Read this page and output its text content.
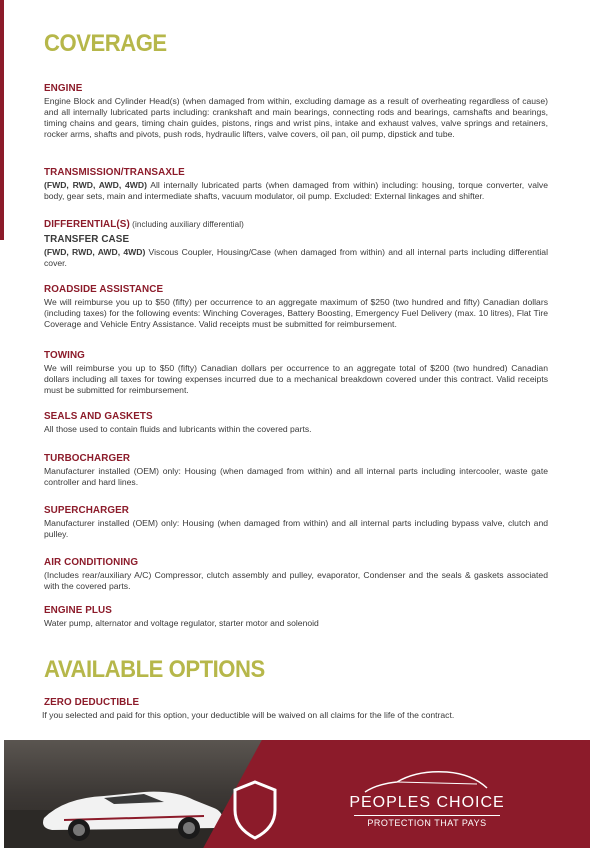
COVERAGE
ENGINE

Engine Block and Cylinder Head(s) (when damaged from within, excluding damage as a result of overheating regardless of cause) and all internally lubricated parts including: crankshaft and main bearings, connecting rods and bearings, camshafts and bearings, timing chains and gears, timing chain guides, pistons, rings and wrist pins, intake and exhaust valves, valve springs and retainers, rocker arms, shafts and pivots, push rods, hydraulic lifters, valve covers, oil pan, oil pump, dipstick and tube.

TRANSMISSION/TRANSAXLE

(FWD, RWD, AWD, 4WD) All internally lubricated parts (when damaged from within) including: housing, torque converter, valve body, gear sets, main and intermediate shafts, vacuum modulator, oil pump. Excluded: External linkages and shifter.

DIFFERENTIAL(S) (including auxiliary differential)
TRANSFER CASE

(FWD, RWD, AWD, 4WD) Viscous Coupler, Housing/Case (when damaged from within) and all internal parts including differential cover.

ROADSIDE ASSISTANCE

We will reimburse you up to $50 (fifty) per occurrence to an aggregate maximum of $250 (two hundred and fifty) Canadian dollars (including taxes) for the following events: Winching Coverages, Battery Boosting, Emergency Fuel Delivery (max. 10 litres), Flat Tire Coverage and Vehicle Entry Assistance. Valid receipts must be submitted for reimbursement.

TOWING

We will reimburse you up to $50 (fifty) Canadian dollars per occurrence to an aggregate total of $200 (two hundred) Canadian dollars including all taxes for towing expenses incurred due to a mechanical breakdown covered under this contract. Valid receipts must be submitted for reimbursement.

SEALS AND GASKETS

All those used to contain fluids and lubricants within the covered parts.

TURBOCHARGER

Manufacturer installed (OEM) only: Housing (when damaged from within) and all internal parts including intercooler, waste gate controller and hard lines.

SUPERCHARGER

Manufacturer installed (OEM) only: Housing (when damaged from within) and all internal parts including bypass valve, clutch and pulley.

AIR CONDITIONING

(Includes rear/auxiliary A/C) Compressor, clutch assembly and pulley, evaporator, Condenser and the seals & gaskets associated with the covered parts.

ENGINE PLUS

Water pump, alternator and voltage regulator, starter motor and solenoid

AVAILABLE OPTIONS
ZERO DEDUCTIBLE

If you selected and paid for this option, your deductible will be waived on all claims for the life of the contract.

PEOPLES CHOICE
PROTECTION THAT PAYS
